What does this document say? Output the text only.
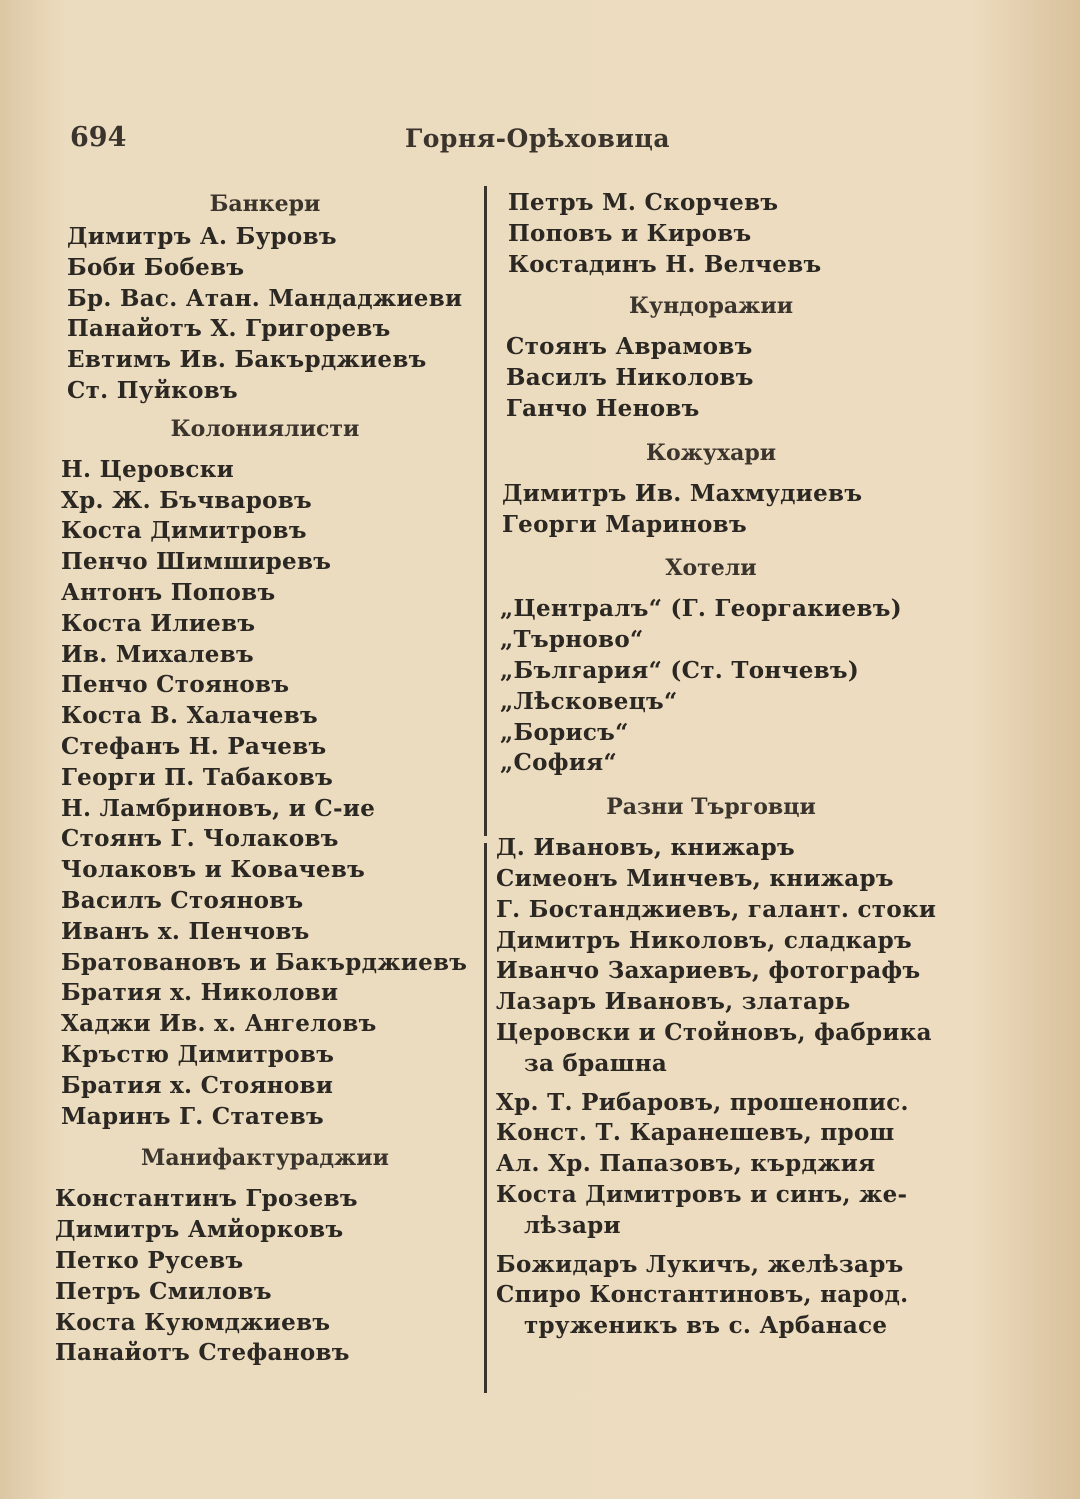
694	Горня-Орѣховица
Банкери
Димитръ А. Буровъ
Боби Бобевъ
Бр. Вас. Атан. Мандаджиеви
Панайотъ Х. Григоревъ
Евтимъ Ив. Бакърджиевъ
Ст. Пуйковъ
Колониялисти
Н. Церовски
Хр. Ж. Бъчваровъ
Коста Димитровъ
Пенчо Шимширевъ
Антонъ Поповъ
Коста Илиевъ
Ив. Михалевъ
Пенчо Стояновъ
Коста В. Халачевъ
Стефанъ Н. Рачевъ
Георги П. Табаковъ
Н. Ламбриновъ, и С-ие
Стоянъ Г. Чолаковъ
Чолаковъ и Ковачевъ
Василъ Стояновъ
Иванъ х. Пенчовъ
Братовановъ и Бакърджиевъ
Братия х. Николови
Хаджи Ив. х. Ангеловъ
Кръстю Димитровъ
Братия х. Стоянови
Маринъ Г. Статевъ
Манифактураджии
Константинъ Грозевъ
Димитръ Амйорковъ
Петко Русевъ
Петръ Смиловъ
Коста Куюмджиевъ
Панайотъ Стефановъ
Петръ М. Скорчевъ
Поповъ и Кировъ
Костадинъ Н. Велчевъ
Кундоражии
Стоянъ Аврамовъ
Василъ Николовъ
Ганчо Неновъ
Кожухари
Димитръ Ив. Махмудиевъ
Георги Мариновъ
Хотели
„Централъ“ (Г. Георгакиевъ)
„Търново“
„България“ (Ст. Тончевъ)
„Лѣсковецъ“
„Борисъ“
„София“
Разни Търговци
Д. Ивановъ, книжаръ
Симеонъ Минчевъ, книжаръ
Г. Бостанджиевъ, галант. стоки
Димитръ Николовъ, сладкаръ
Иванчо Захариевъ, фотографъ
Лазаръ Ивановъ, златарь
Церовски и Стойновъ, фабрика
за брашна
Хр. Т. Рибаровъ, прошенопис.
Конст. Т. Каранешевъ, прош
Ал. Хр. Папазовъ, кърджия
Коста Димитровъ и синъ, же-
лѣзари
Божидаръ Лукичъ, желѣзаръ
Спиро Константиновъ, народ.
труженикъ въ с. Арбанасе
